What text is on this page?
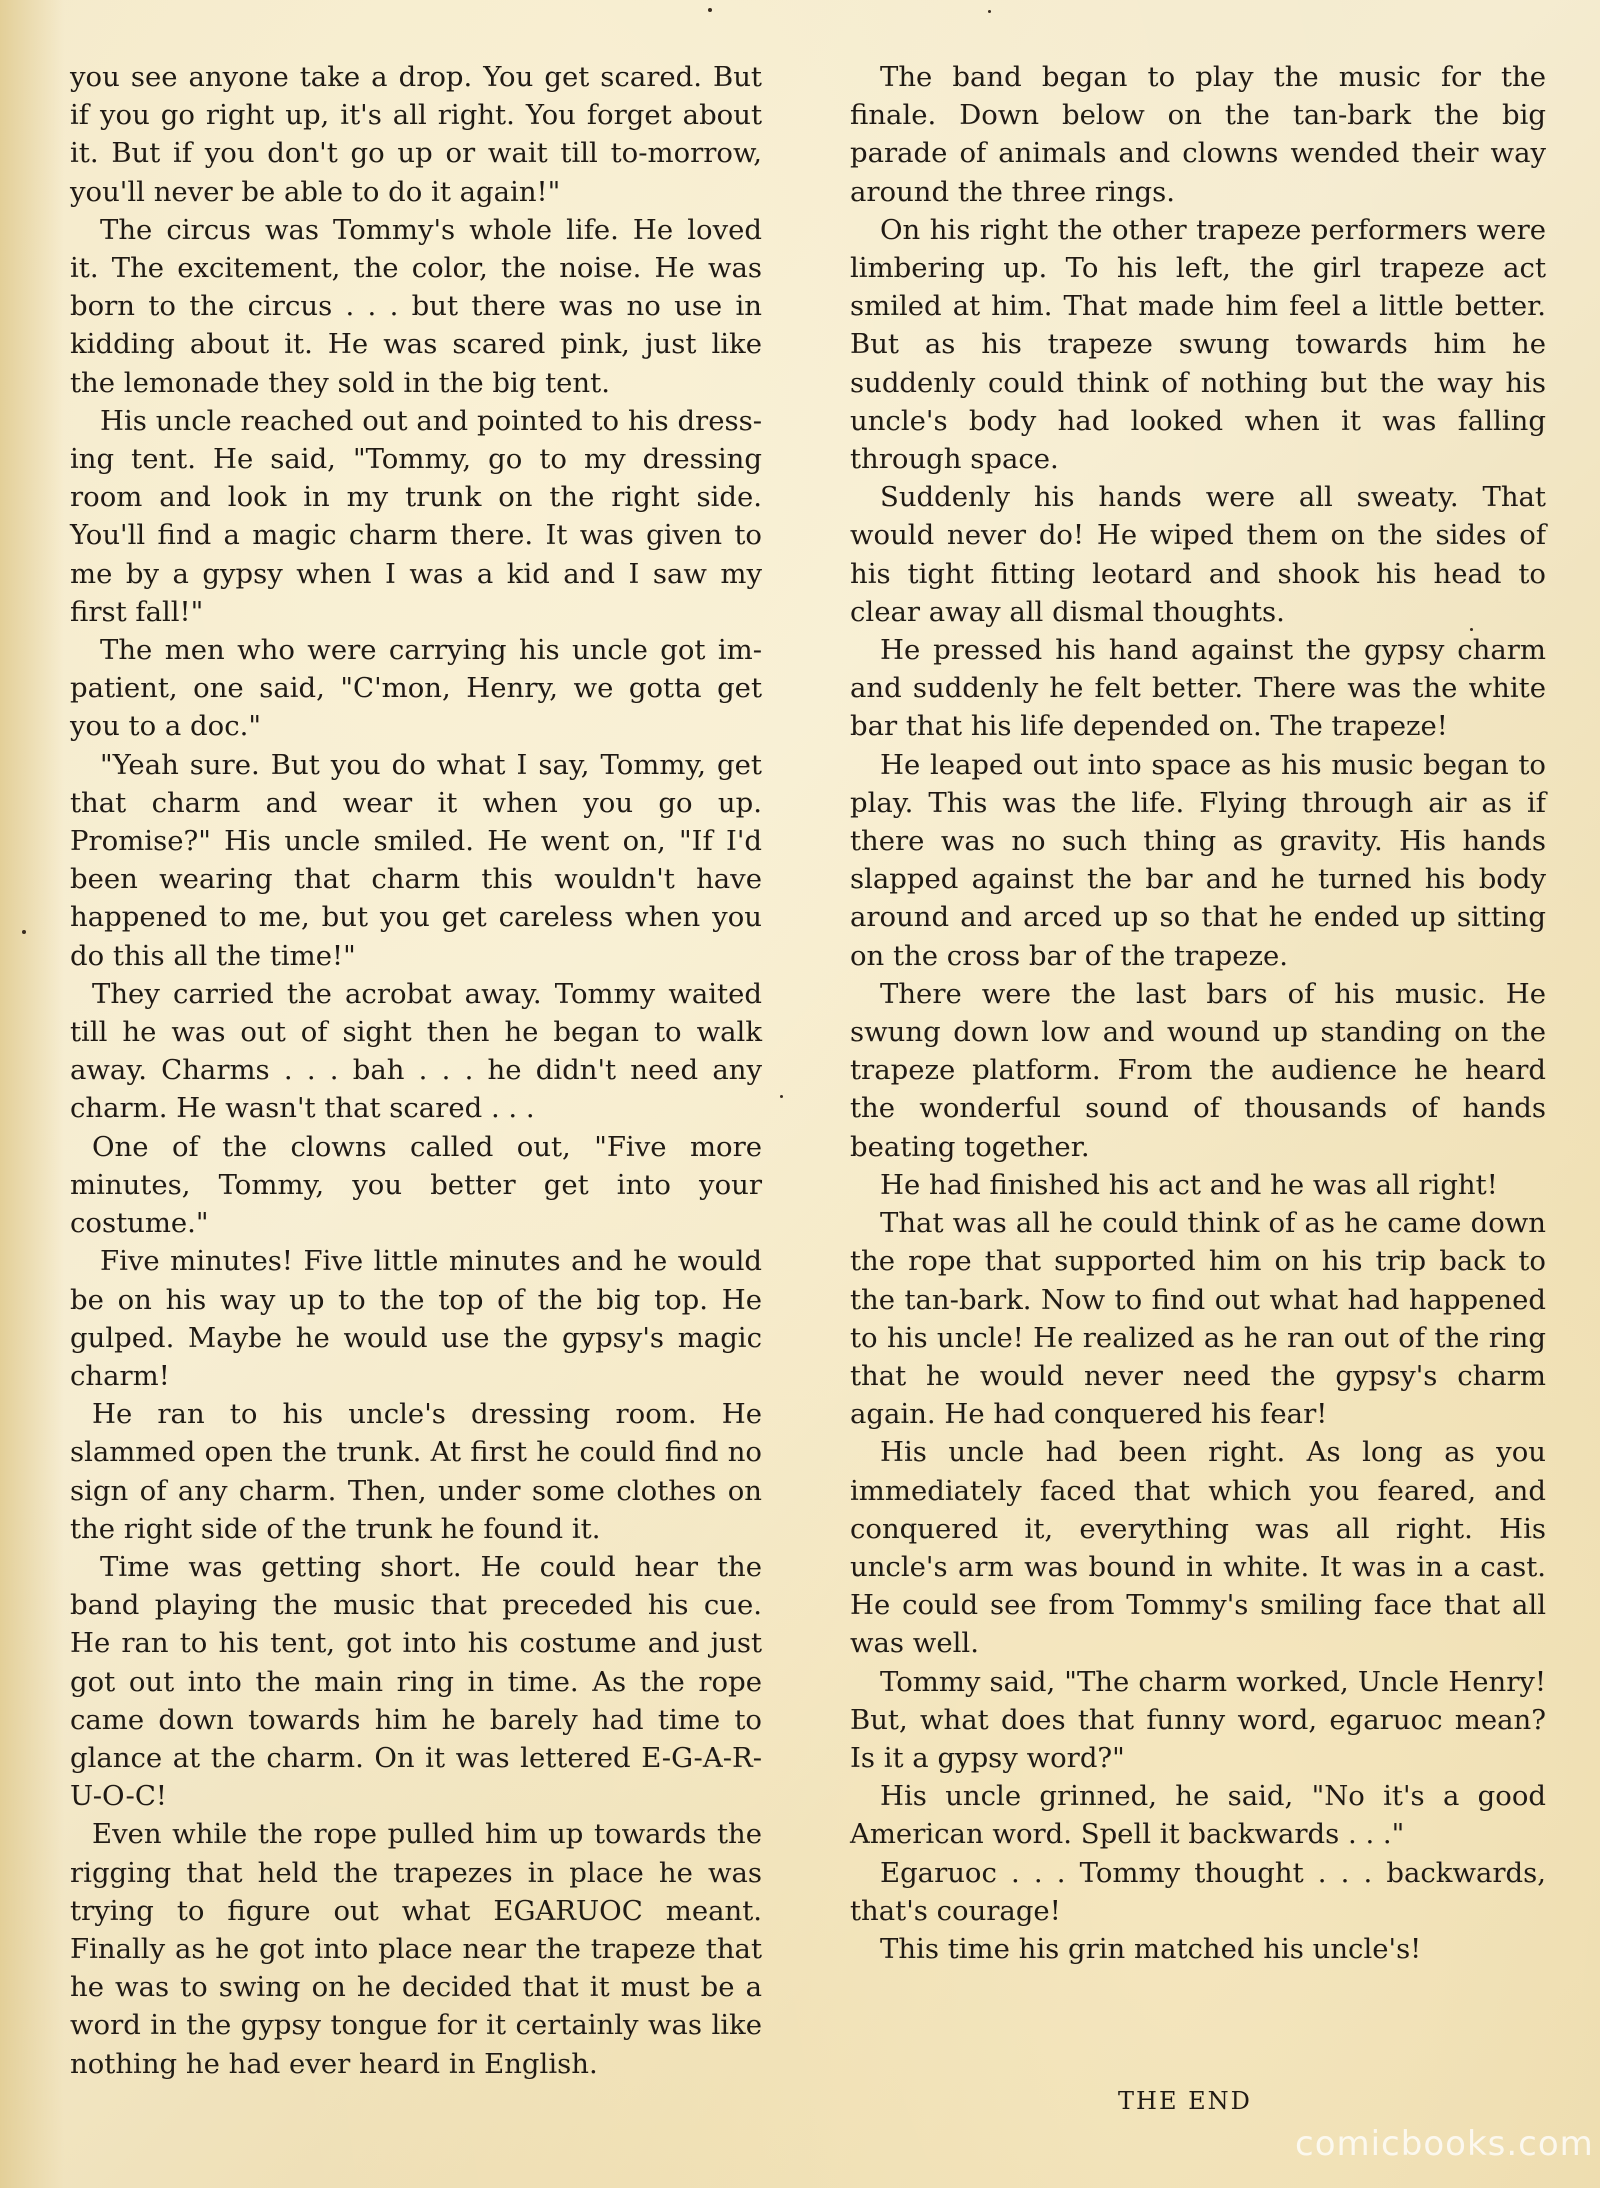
you see anyone take a drop. You get scared. But if you go right up, it's all right. You forget about it. But if you don't go up or wait till to-morrow, you'll never be able to do it again!"

The circus was Tommy's whole life. He loved it. The excitement, the color, the noise. He was born to the circus . . . but there was no use in kidding about it. He was scared pink, just like the lemonade they sold in the big tent.

His uncle reached out and pointed to his dress-ing tent. He said, "Tommy, go to my dressing room and look in my trunk on the right side. You'll find a magic charm there. It was given to me by a gypsy when I was a kid and I saw my first fall!"

The men who were carrying his uncle got im-patient, one said, "C'mon, Henry, we gotta get you to a doc."

"Yeah sure. But you do what I say, Tommy, get that charm and wear it when you go up. Promise?" His uncle smiled. He went on, "If I'd been wearing that charm this wouldn't have happened to me, but you get careless when you do this all the time!"

They carried the acrobat away. Tommy waited till he was out of sight then he began to walk away. Charms . . . bah . . . he didn't need any charm. He wasn't that scared . . .

One of the clowns called out, "Five more minutes, Tommy, you better get into your costume."

Five minutes! Five little minutes and he would be on his way up to the top of the big top. He gulped. Maybe he would use the gypsy's magic charm!

He ran to his uncle's dressing room. He slammed open the trunk. At first he could find no sign of any charm. Then, under some clothes on the right side of the trunk he found it.

Time was getting short. He could hear the band playing the music that preceded his cue. He ran to his tent, got into his costume and just got out into the main ring in time. As the rope came down towards him he barely had time to glance at the charm. On it was lettered E-G-A-R-U-O-C!

Even while the rope pulled him up towards the rigging that held the trapezes in place he was trying to figure out what EGARUOC meant. Finally as he got into place near the trapeze that he was to swing on he decided that it must be a word in the gypsy tongue for it certainly was like nothing he had ever heard in English.

The band began to play the music for the finale. Down below on the tan-bark the big parade of animals and clowns wended their way around the three rings.

On his right the other trapeze performers were limbering up. To his left, the girl trapeze act smiled at him. That made him feel a little better. But as his trapeze swung towards him he suddenly could think of nothing but the way his uncle's body had looked when it was falling through space.

Suddenly his hands were all sweaty. That would never do! He wiped them on the sides of his tight fitting leotard and shook his head to clear away all dismal thoughts.

He pressed his hand against the gypsy charm and suddenly he felt better. There was the white bar that his life depended on. The trapeze!

He leaped out into space as his music began to play. This was the life. Flying through air as if there was no such thing as gravity. His hands slapped against the bar and he turned his body around and arced up so that he ended up sitting on the cross bar of the trapeze.

There were the last bars of his music. He swung down low and wound up standing on the trapeze platform. From the audience he heard the wonderful sound of thousands of hands beating together.

He had finished his act and he was all right!

That was all he could think of as he came down the rope that supported him on his trip back to the tan-bark. Now to find out what had happened to his uncle! He realized as he ran out of the ring that he would never need the gypsy's charm again. He had conquered his fear!

His uncle had been right. As long as you immediately faced that which you feared, and conquered it, everything was all right. His uncle's arm was bound in white. It was in a cast. He could see from Tommy's smiling face that all was well.

Tommy said, "The charm worked, Uncle Henry! But, what does that funny word, egaruoc mean? Is it a gypsy word?"

His uncle grinned, he said, "No it's a good American word. Spell it backwards . . ."

Egaruoc . . . Tommy thought . . . backwards, that's courage!

This time his grin matched his uncle's!

THE END
comicbooks.com
